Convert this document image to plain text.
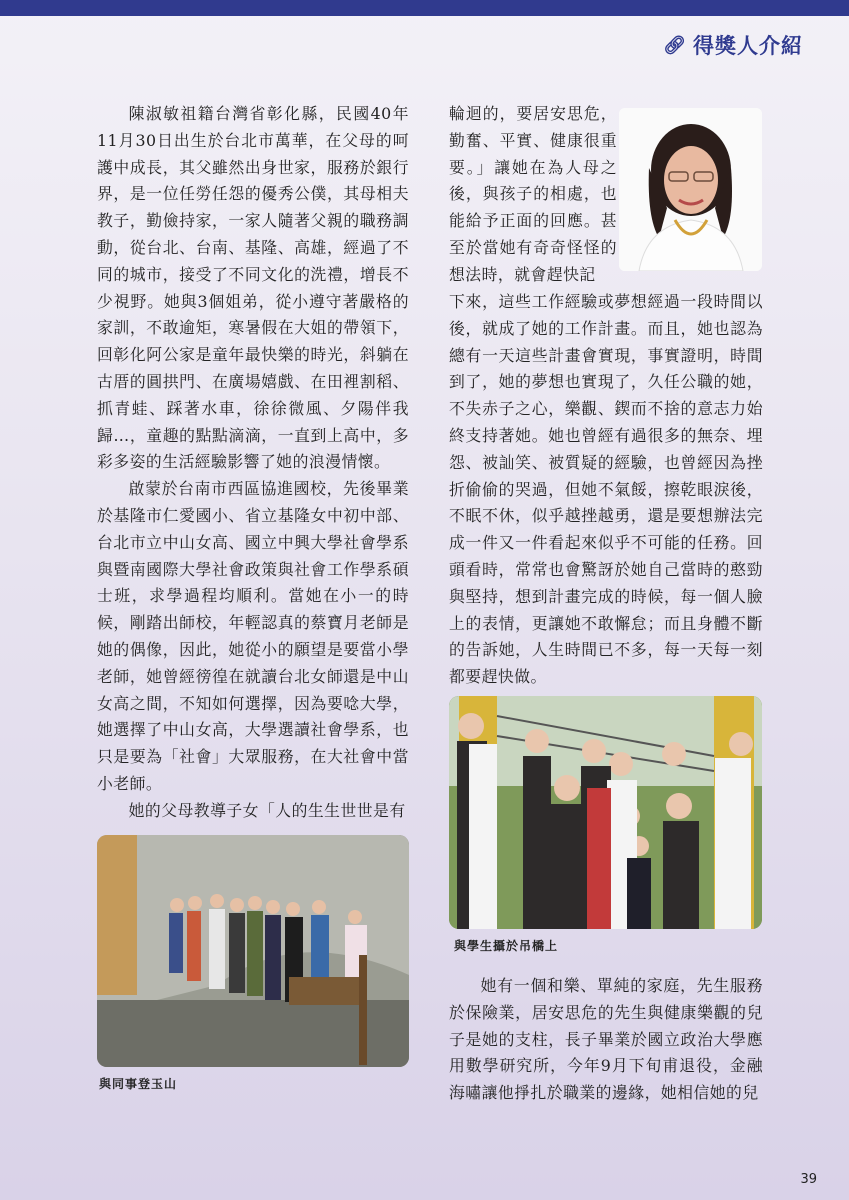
🔗︎ 得獎人介紹

陳淑敏祖籍台灣省彰化縣，民國40年11月30日出生於台北市萬華，在父母的呵護中成長，其父雖然出身世家，服務於銀行界，是一位任勞任怨的優秀公僕，其母相夫教子，勤儉持家，一家人隨著父親的職務調動，從台北、台南、基隆、高雄，經過了不同的城市，接受了不同文化的洗禮，增長不少視野。她與3個姐弟，從小遵守著嚴格的家訓，不敢逾矩，寒暑假在大姐的帶領下，回彰化阿公家是童年最快樂的時光，斜躺在古厝的圓拱門、在廣場嬉戲、在田裡割稻、抓青蛙、踩著水車，徐徐微風、夕陽伴我歸…，童趣的點點滴滴，一直到上高中，多彩多姿的生活經驗影響了她的浪漫情懷。

啟蒙於台南市西區協進國校，先後畢業於基隆市仁愛國小、省立基隆女中初中部、台北市立中山女高、國立中興大學社會學系與暨南國際大學社會政策與社會工作學系碩士班，求學過程均順利。當她在小一的時候，剛踏出師校，年輕認真的蔡寶月老師是她的偶像，因此，她從小的願望是要當小學老師，她曾經徬徨在就讀台北女師還是中山女高之間，不知如何選擇，因為要唸大學，她選擇了中山女高，大學選讀社會學系，也只是要為「社會」大眾服務，在大社會中當小老師。

她的父母教導子女「人的生生世世是有

輪迴的，要居安思危，勤奮、平實、健康很重要。」讓她在為人母之後，與孩子的相處，也能給予正面的回應。甚至於當她有奇奇怪怪的想法時，就會趕快記

下來，這些工作經驗或夢想經過一段時間以後，就成了她的工作計畫。而且，她也認為總有一天這些計畫會實現，事實證明，時間到了，她的夢想也實現了，久任公職的她，不失赤子之心，樂觀、鍥而不捨的意志力始終支持著她。她也曾經有過很多的無奈、埋怨、被訕笑、被質疑的經驗，也曾經因為挫折偷偷的哭過，但她不氣餒，擦乾眼淚後，不眠不休，似乎越挫越勇，還是要想辦法完成一件又一件看起來似乎不可能的任務。回頭看時，常常也會驚訝於她自己當時的憨勁與堅持，想到計畫完成的時候，每一個人臉上的表情，更讓她不敢懈怠；而且身體不斷的告訴她，人生時間已不多，每一天每一刻都要趕快做。

與學生攝於吊橋上

她有一個和樂、單純的家庭，先生服務於保險業，居安思危的先生與健康樂觀的兒子是她的支柱，長子畢業於國立政治大學應用數學研究所，今年9月下旬甫退役，金融海嘯讓他掙扎於職業的邊緣，她相信她的兒

與同事登玉山
39
